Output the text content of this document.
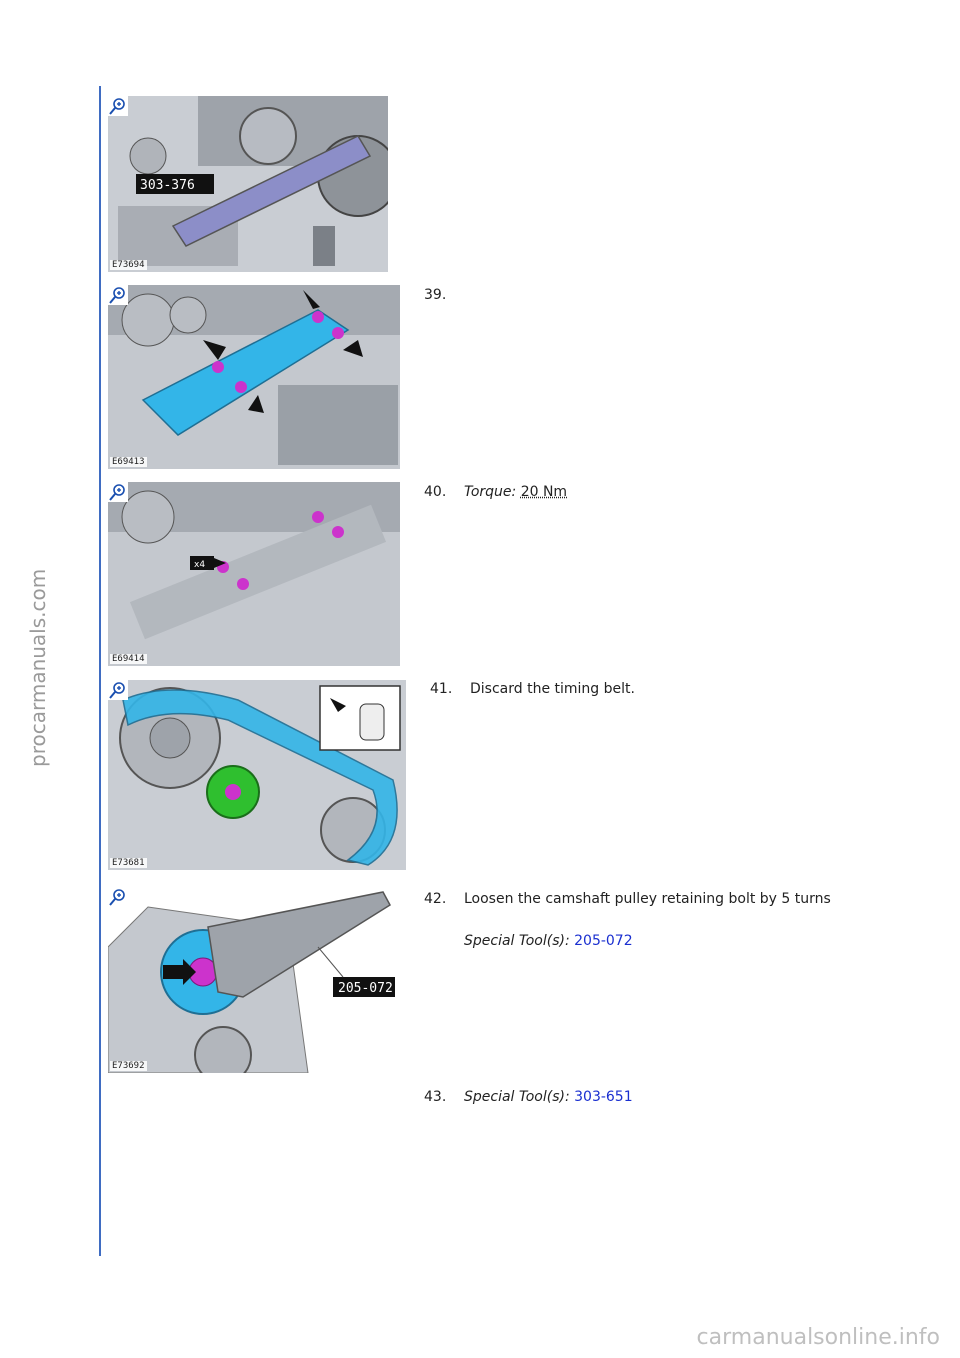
procarmanuals.com
303-376
E73694
E69413
x4
E69414
E73681
205-072
E73692
39.
40. Torque: 20 Nm
41. Discard the timing belt.
42. Loosen the camshaft pulley retaining bolt by 5 turns
Special Tool(s): 205-072
43. Special Tool(s): 303-651
carmanualsonline.info
